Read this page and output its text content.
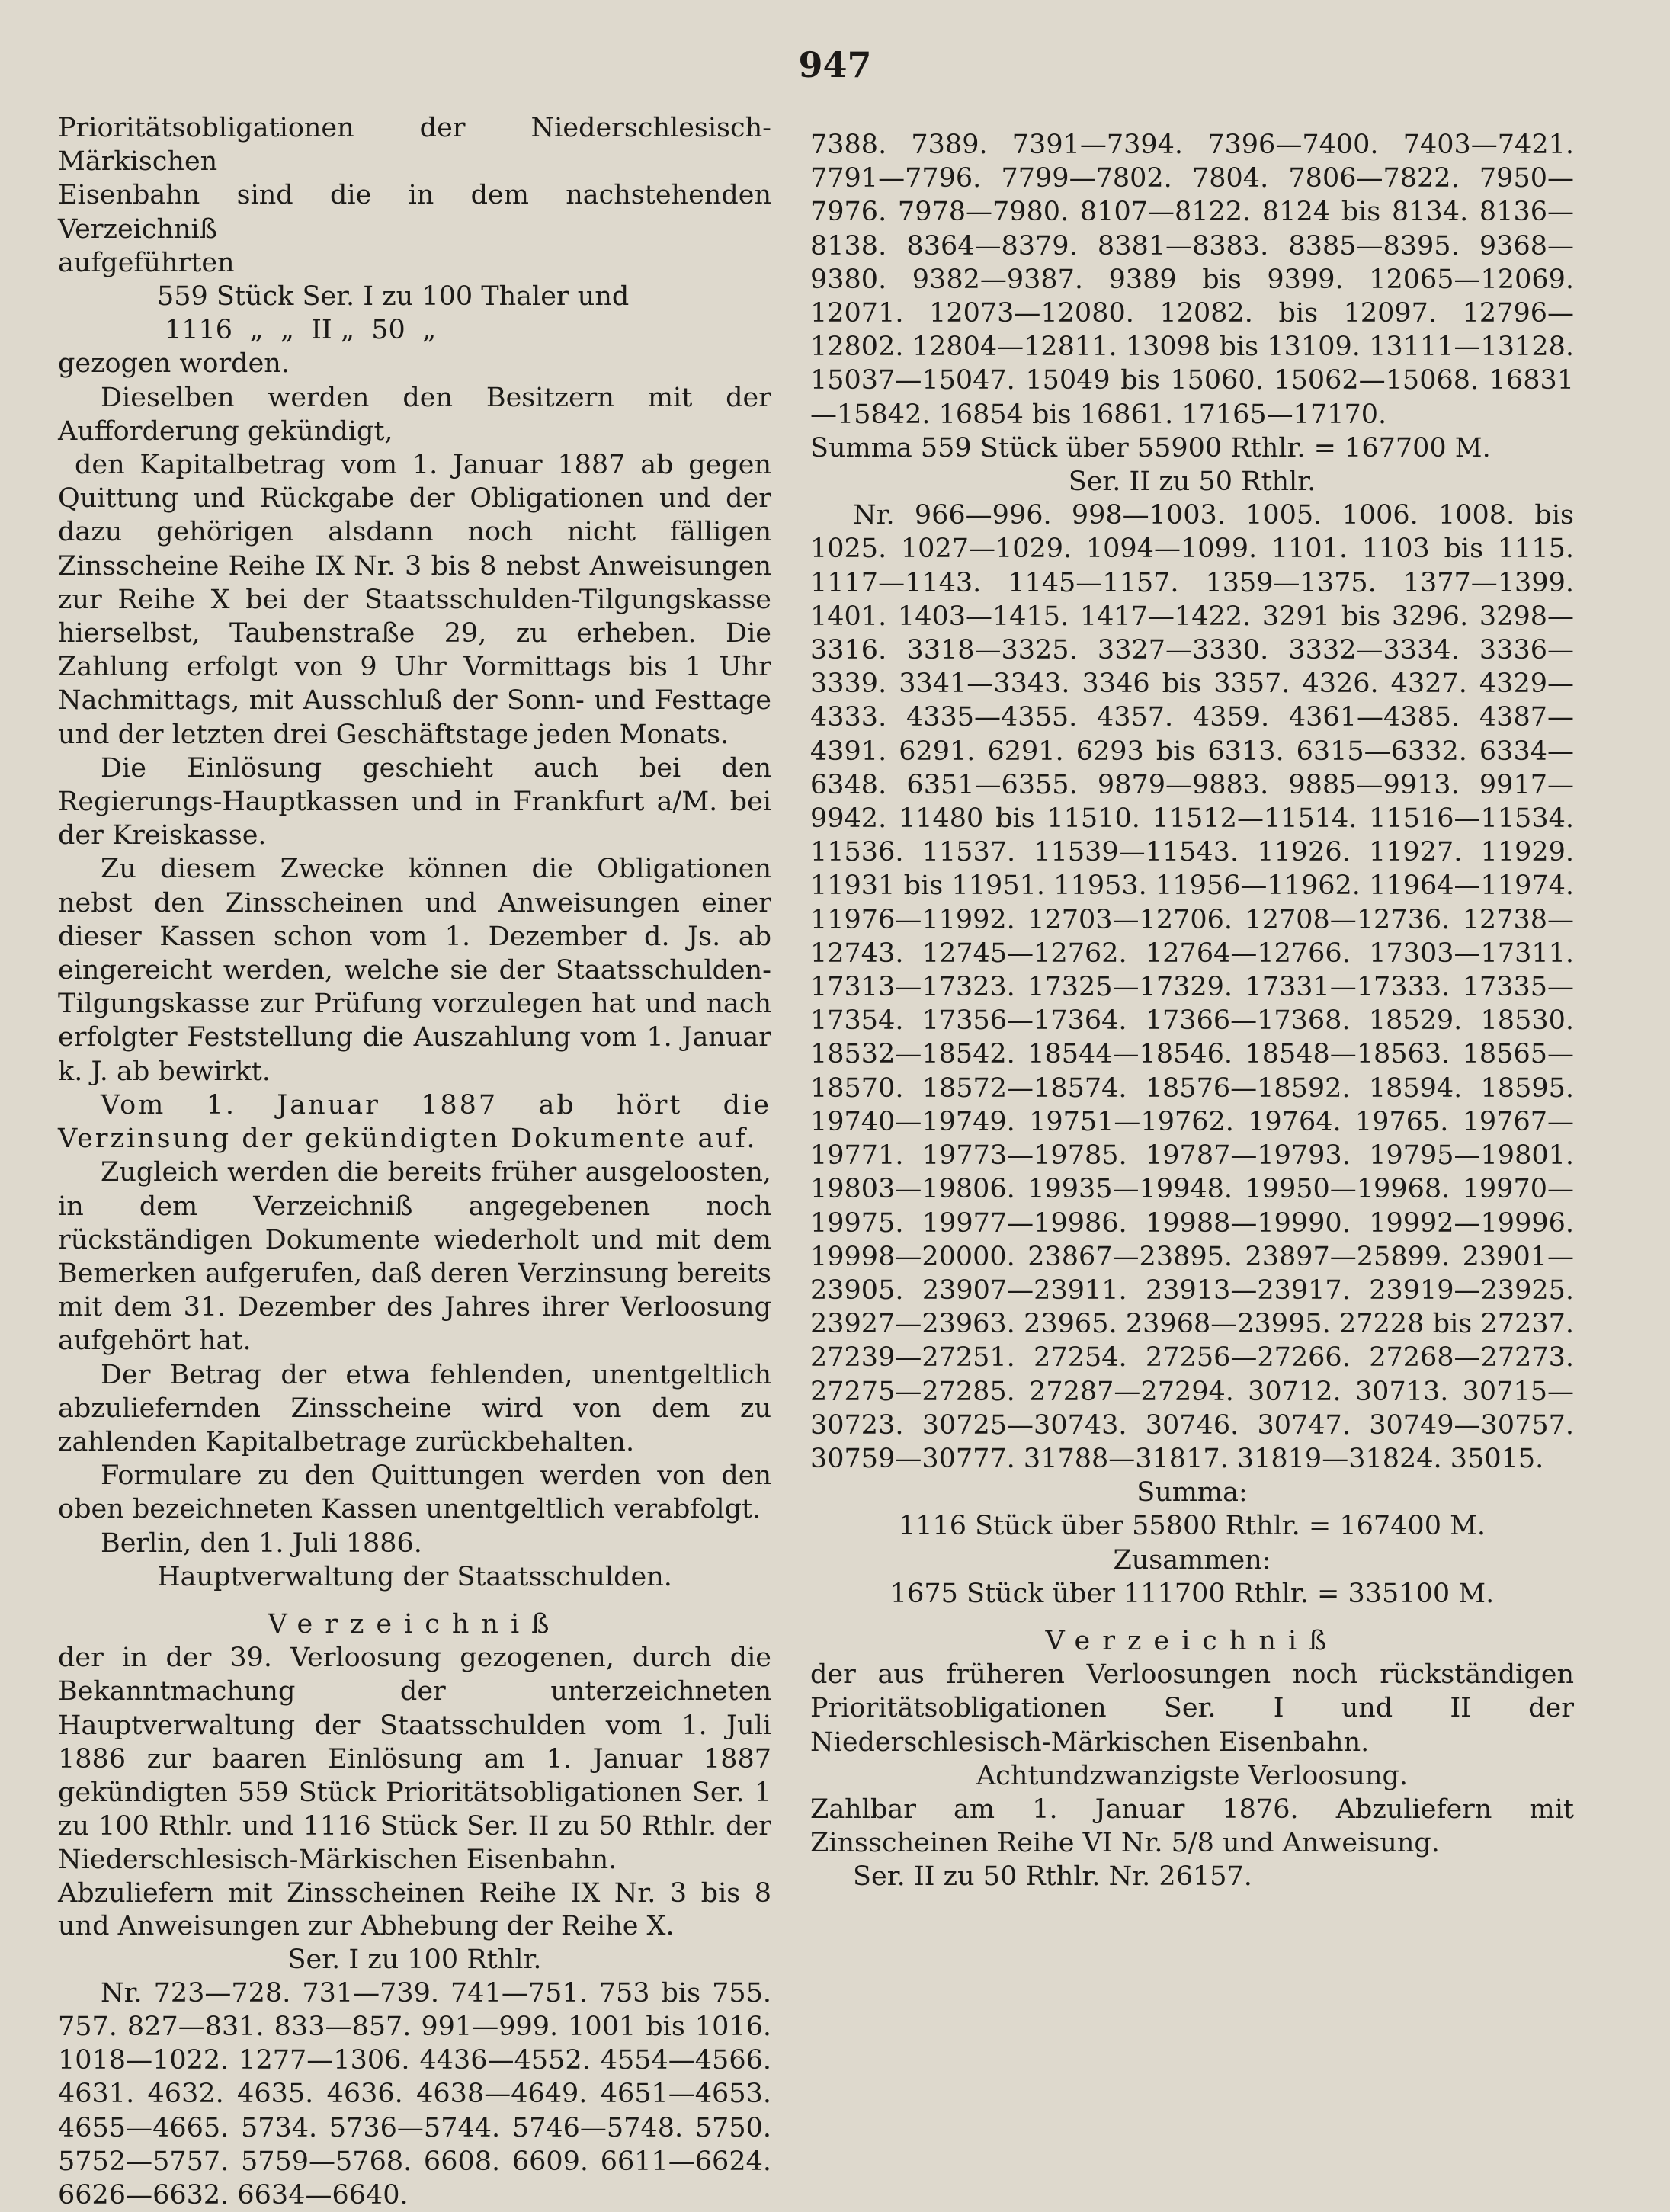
947

Prioritätsobligationen der Niederschlesisch-Märkischen

Eisenbahn sind die in dem nachstehenden Verzeichniß

aufgeführten

559 Stück Ser. I zu 100 Thaler und

1116  „  „  II „  50  „

gezogen worden.

Dieselben werden den Besitzern mit der Aufforderung gekündigt,

den Kapitalbetrag vom 1. Januar 1887 ab gegen Quittung und Rückgabe der Obligationen und der dazu gehörigen alsdann noch nicht fälligen Zinsscheine Reihe IX Nr. 3 bis 8 nebst Anweisungen zur Reihe X bei der Staatsschulden-Tilgungskasse hierselbst, Taubenstraße 29, zu erheben. Die Zahlung erfolgt von 9 Uhr Vormittags bis 1 Uhr Nachmittags, mit Ausschluß der Sonn- und Festtage und der letzten drei Geschäftstage jeden Monats.

Die Einlösung geschieht auch bei den Regierungs-Hauptkassen und in Frankfurt a/M. bei der Kreiskasse.

Zu diesem Zwecke können die Obligationen nebst den Zinsscheinen und Anweisungen einer dieser Kassen schon vom 1. Dezember d. Js. ab eingereicht werden, welche sie der Staatsschulden-Tilgungskasse zur Prüfung vorzulegen hat und nach erfolgter Feststellung die Auszahlung vom 1. Januar k. J. ab bewirkt.

Vom 1. Januar 1887 ab hört die Verzinsung der gekündigten Dokumente auf.

Zugleich werden die bereits früher ausgeloosten, in dem Verzeichniß angegebenen noch rückständigen Dokumente wiederholt und mit dem Bemerken aufgerufen, daß deren Verzinsung bereits mit dem 31. Dezember des Jahres ihrer Verloosung aufgehört hat.

Der Betrag der etwa fehlenden, unentgeltlich abzuliefernden Zinsscheine wird von dem zu zahlenden Kapitalbetrage zurückbehalten.

Formulare zu den Quittungen werden von den oben bezeichneten Kassen unentgeltlich verabfolgt.

Berlin, den 1. Juli 1886.

Hauptverwaltung der Staatsschulden.

Verzeichniß

der in der 39. Verloosung gezogenen, durch die Bekanntmachung der unterzeichneten Hauptverwaltung der Staatsschulden vom 1. Juli 1886 zur baaren Einlösung am 1. Januar 1887 gekündigten 559 Stück Prioritätsobligationen Ser. 1 zu 100 Rthlr. und 1116 Stück Ser. II zu 50 Rthlr. der Niederschlesisch-Märkischen Eisenbahn.

Abzuliefern mit Zinsscheinen Reihe IX Nr. 3 bis 8 und Anweisungen zur Abhebung der Reihe X.

Ser. I zu 100 Rthlr.

Nr. 723—728. 731—739. 741—751. 753 bis 755. 757. 827—831. 833—857. 991—999. 1001 bis 1016. 1018—1022. 1277—1306. 4436—4552. 4554—4566. 4631. 4632. 4635. 4636. 4638—4649. 4651—4653. 4655—4665. 5734. 5736—5744. 5746—5748. 5750. 5752—5757. 5759—5768. 6608. 6609. 6611—6624. 6626—6632. 6634—6640.

7388. 7389. 7391—7394. 7396—7400. 7403—7421. 7791—7796. 7799—7802. 7804. 7806—7822. 7950—7976. 7978—7980. 8107—8122. 8124 bis 8134. 8136—8138. 8364—8379. 8381—8383. 8385—8395. 9368—9380. 9382—9387. 9389 bis 9399. 12065—12069. 12071. 12073—12080. 12082. bis 12097. 12796—12802. 12804—12811. 13098 bis 13109. 13111—13128. 15037—15047. 15049 bis 15060. 15062—15068. 16831—15842. 16854 bis 16861. 17165—17170.

Summa 559 Stück über 55900 Rthlr. = 167700 M.

Ser. II zu 50 Rthlr.

Nr. 966—996. 998—1003. 1005. 1006. 1008. bis 1025. 1027—1029. 1094—1099. 1101. 1103 bis 1115. 1117—1143. 1145—1157. 1359—1375. 1377—1399. 1401. 1403—1415. 1417—1422. 3291 bis 3296. 3298—3316. 3318—3325. 3327—3330. 3332—3334. 3336—3339. 3341—3343. 3346 bis 3357. 4326. 4327. 4329—4333. 4335—4355. 4357. 4359. 4361—4385. 4387—4391. 6291. 6291. 6293 bis 6313. 6315—6332. 6334—6348. 6351—6355. 9879—9883. 9885—9913. 9917—9942. 11480 bis 11510. 11512—11514. 11516—11534. 11536. 11537. 11539—11543. 11926. 11927. 11929. 11931 bis 11951. 11953. 11956—11962. 11964—11974. 11976—11992. 12703—12706. 12708—12736. 12738—12743. 12745—12762. 12764—12766. 17303—17311. 17313—17323. 17325—17329. 17331—17333. 17335—17354. 17356—17364. 17366—17368. 18529. 18530. 18532—18542. 18544—18546. 18548—18563. 18565—18570. 18572—18574. 18576—18592. 18594. 18595. 19740—19749. 19751—19762. 19764. 19765. 19767—19771. 19773—19785. 19787—19793. 19795—19801. 19803—19806. 19935—19948. 19950—19968. 19970—19975. 19977—19986. 19988—19990. 19992—19996. 19998—20000. 23867—23895. 23897—25899. 23901—23905. 23907—23911. 23913—23917. 23919—23925. 23927—23963. 23965. 23968—23995. 27228 bis 27237. 27239—27251. 27254. 27256—27266. 27268—27273. 27275—27285. 27287—27294. 30712. 30713. 30715—30723. 30725—30743. 30746. 30747. 30749—30757. 30759—30777. 31788—31817. 31819—31824. 35015.

Summa:

1116 Stück über 55800 Rthlr. = 167400 M.

Zusammen:

1675 Stück über 111700 Rthlr. = 335100 M.

Verzeichniß

der aus früheren Verloosungen noch rückständigen Prioritätsobligationen Ser. I und II der Niederschlesisch-Märkischen Eisenbahn.

Achtundzwanzigste Verloosung.

Zahlbar am 1. Januar 1876. Abzuliefern mit Zinsscheinen Reihe VI Nr. 5/8 und Anweisung.

Ser. II zu 50 Rthlr. Nr. 26157.
